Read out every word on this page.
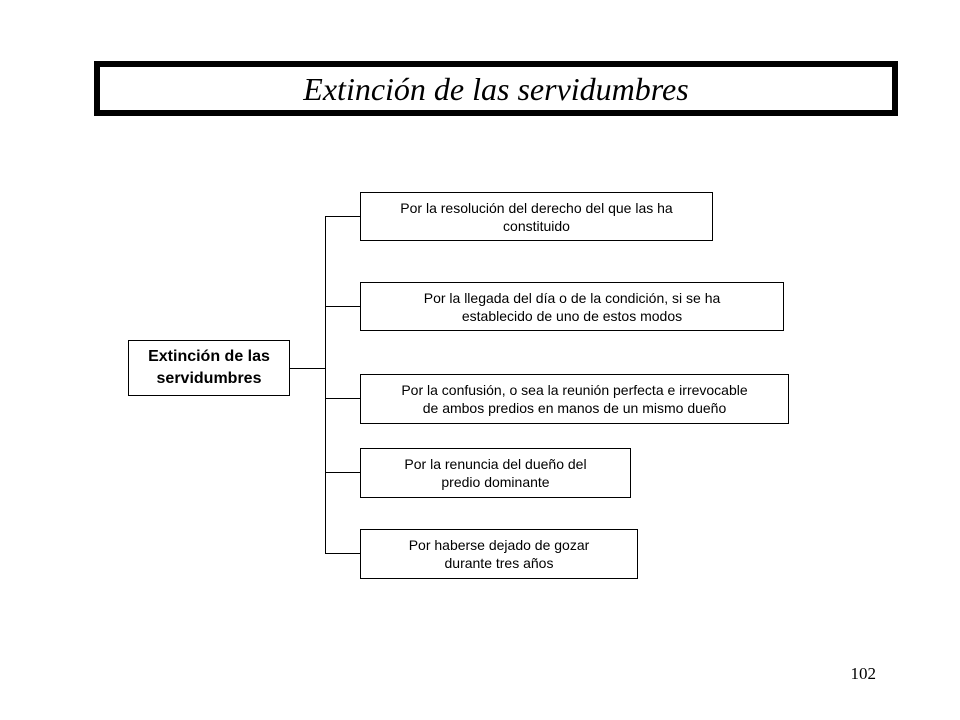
Extinción de las servidumbres
Extinción de las
servidumbres
Por la resolución del derecho del que las ha
constituido
Por la llegada del día o de la condición, si se ha
establecido de uno de estos modos
Por la confusión, o sea la reunión perfecta e irrevocable
de ambos predios en manos de un mismo dueño
Por la renuncia del dueño del
predio dominante
Por haberse dejado de gozar
durante tres años
102
